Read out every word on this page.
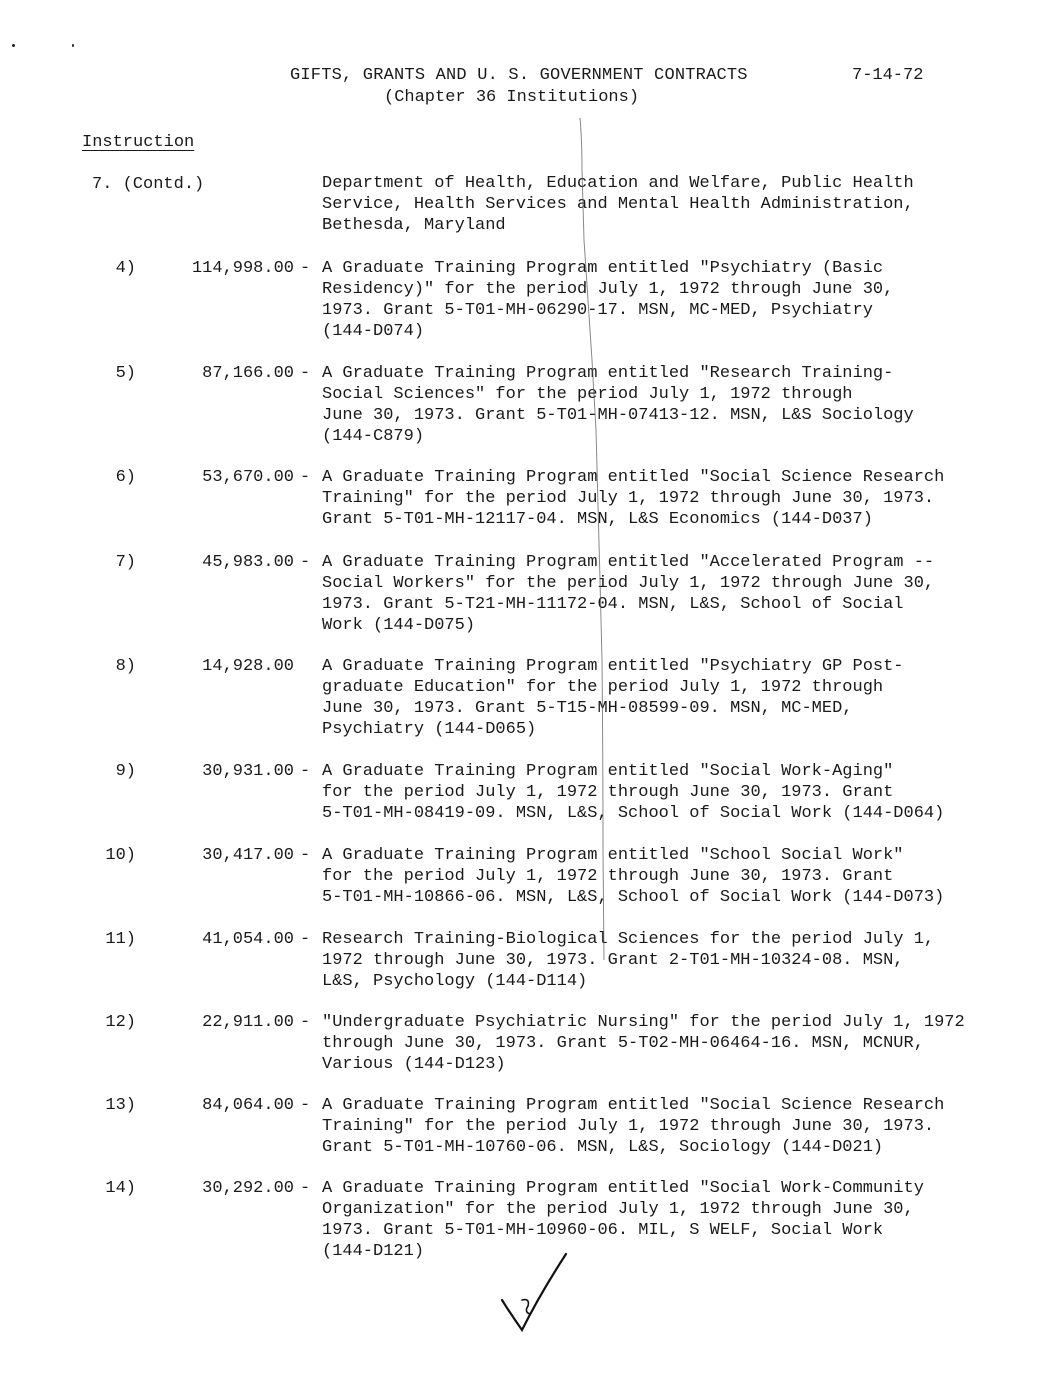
GIFTS, GRANTS AND U. S. GOVERNMENT CONTRACTS
(Chapter 36 Institutions)
7-14-72
Instruction
7. (Contd.)	Department of Health, Education and Welfare, Public Health
Service, Health Services and Mental Health Administration,
Bethesda, Maryland
4)	114,998.00 - A Graduate Training Program entitled "Psychiatry (Basic
Residency)" for the period July 1, 1972 through June 30,
1973. Grant 5-T01-MH-06290-17. MSN, MC-MED, Psychiatry
(144-D074)
5)	87,166.00 - A Graduate Training Program entitled "Research Training-
Social Sciences" for the period July 1, 1972 through
June 30, 1973. Grant 5-T01-MH-07413-12. MSN, L&S Sociology
(144-C879)
6)	53,670.00 - A Graduate Training Program entitled "Social Science Research
Training" for the period July 1, 1972 through June 30, 1973.
Grant 5-T01-MH-12117-04. MSN, L&S Economics (144-D037)
7)	45,983.00 - A Graduate Training Program entitled "Accelerated Program --
Social Workers" for the period July 1, 1972 through June 30,
1973. Grant 5-T21-MH-11172-04. MSN, L&S, School of Social
Work (144-D075)
8)	14,928.00 A Graduate Training Program entitled "Psychiatry GP Post-
graduate Education" for the period July 1, 1972 through
June 30, 1973. Grant 5-T15-MH-08599-09. MSN, MC-MED,
Psychiatry (144-D065)
9)	30,931.00 - A Graduate Training Program entitled "Social Work-Aging"
for the period July 1, 1972 through June 30, 1973. Grant
5-T01-MH-08419-09. MSN, L&S, School of Social Work (144-D064)
10)	30,417.00 - A Graduate Training Program entitled "School Social Work"
for the period July 1, 1972 through June 30, 1973. Grant
5-T01-MH-10866-06. MSN, L&S, School of Social Work (144-D073)
11)	41,054.00 - Research Training-Biological Sciences for the period July 1,
1972 through June 30, 1973. Grant 2-T01-MH-10324-08. MSN,
L&S, Psychology (144-D114)
12)	22,911.00 - "Undergraduate Psychiatric Nursing" for the period July 1, 1972
through June 30, 1973. Grant 5-T02-MH-06464-16. MSN, MCNUR,
Various (144-D123)
13)	84,064.00 - A Graduate Training Program entitled "Social Science Research
Training" for the period July 1, 1972 through June 30, 1973.
Grant 5-T01-MH-10760-06. MSN, L&S, Sociology (144-D021)
14)	30,292.00 - A Graduate Training Program entitled "Social Work-Community
Organization" for the period July 1, 1972 through June 30,
1973. Grant 5-T01-MH-10960-06. MIL, S WELF, Social Work
(144-D121)
